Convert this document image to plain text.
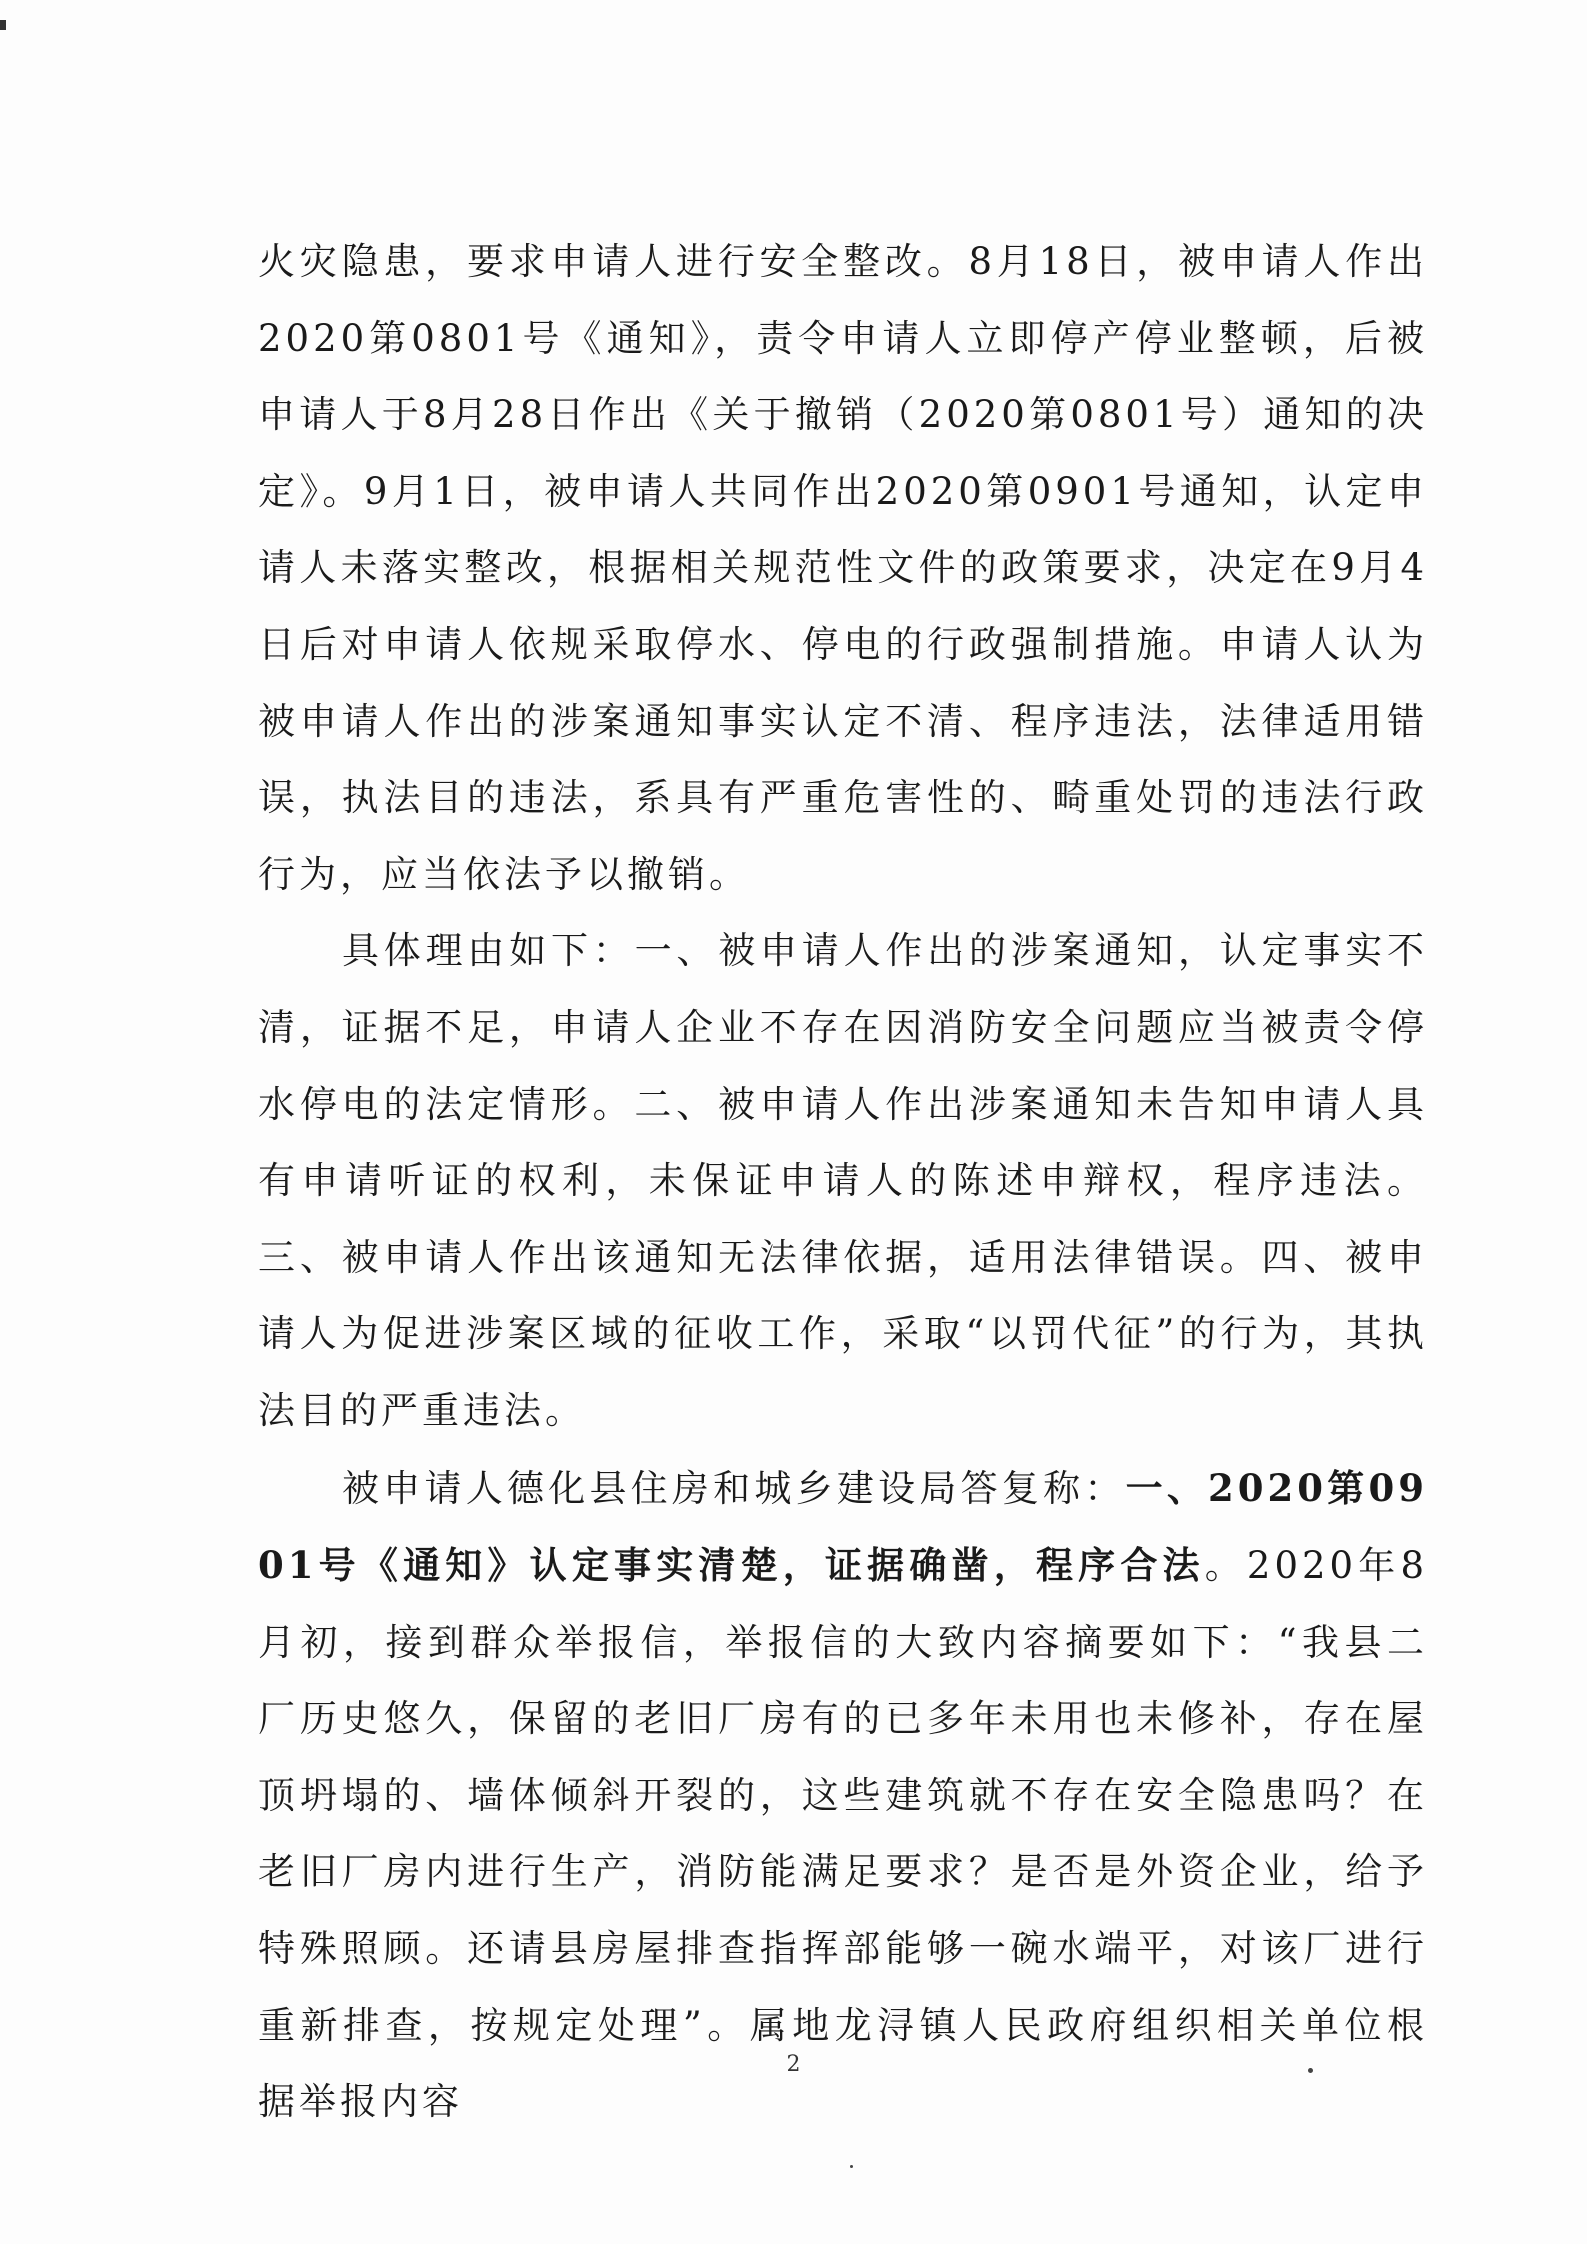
火灾隐患，要求申请人进行安全整改。8月18日，被申请人作出2020第0801号《通知》，责令申请人立即停产停业整顿，后被申请人于8月28日作出《关于撤销（2020第0801号）通知的决定》。9月1日，被申请人共同作出2020第0901号通知，认定申请人未落实整改，根据相关规范性文件的政策要求，决定在9月4日后对申请人依规采取停水、停电的行政强制措施。申请人认为被申请人作出的涉案通知事实认定不清、程序违法，法律适用错误，执法目的违法，系具有严重危害性的、畸重处罚的违法行政行为，应当依法予以撤销。

具体理由如下：一、被申请人作出的涉案通知，认定事实不清，证据不足，申请人企业不存在因消防安全问题应当被责令停水停电的法定情形。二、被申请人作出涉案通知未告知申请人具有申请听证的权利，未保证申请人的陈述申辩权，程序违法。三、被申请人作出该通知无法律依据，适用法律错误。四、被申请人为促进涉案区域的征收工作，采取“以罚代征”的行为，其执法目的严重违法。

被申请人德化县住房和城乡建设局答复称：一、2020第0901号《通知》认定事实清楚，证据确凿，程序合法。2020年8月初，接到群众举报信，举报信的大致内容摘要如下：“我县二厂历史悠久，保留的老旧厂房有的已多年未用也未修补，存在屋顶坍塌的、墙体倾斜开裂的，这些建筑就不存在安全隐患吗？在老旧厂房内进行生产，消防能满足要求？是否是外资企业，给予特殊照顾。还请县房屋排查指挥部能够一碗水端平，对该厂进行重新排查，按规定处理”。属地龙浔镇人民政府组织相关单位根据举报内容

2
